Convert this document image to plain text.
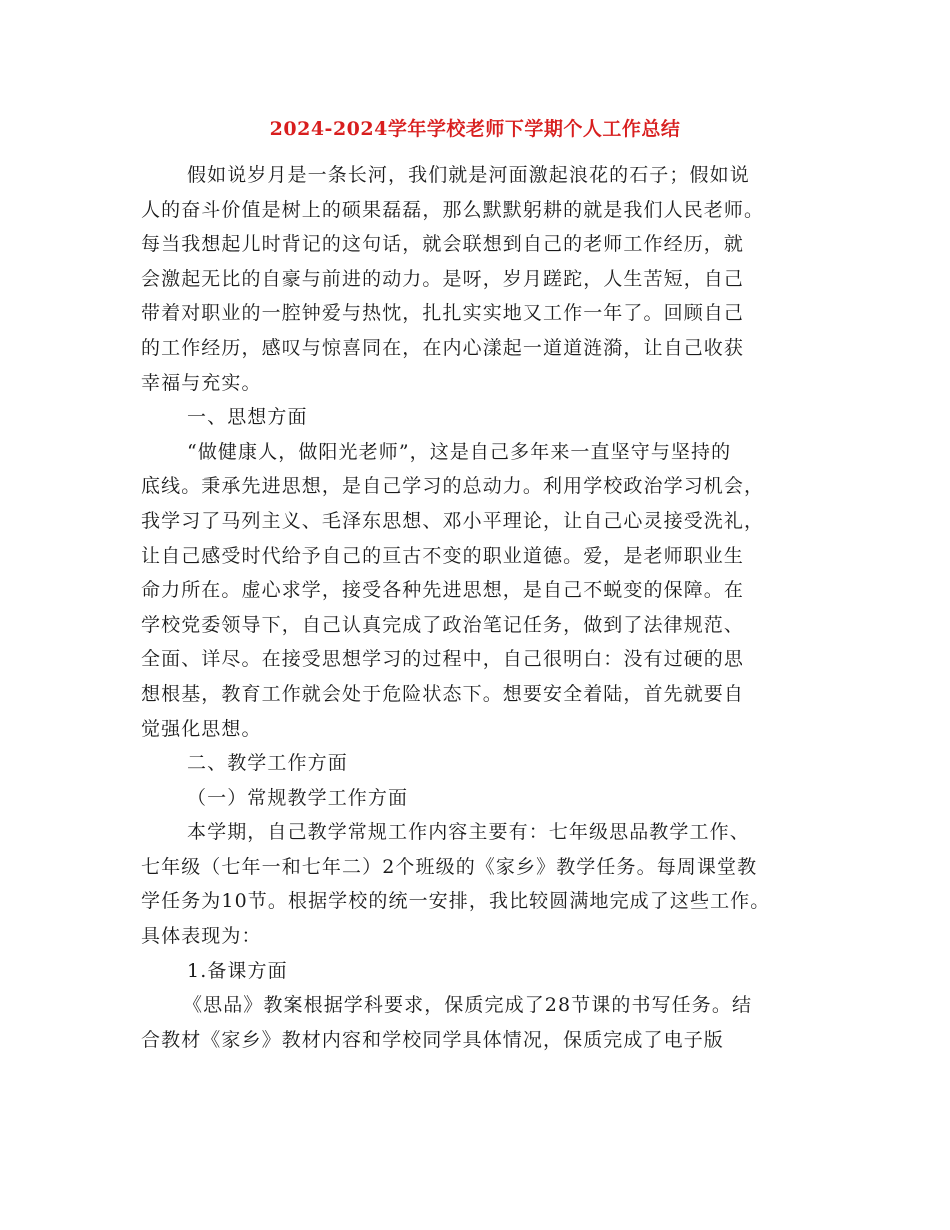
2024-2024学年学校老师下学期个人工作总结
假如说岁月是一条长河，我们就是河面激起浪花的石子；假如说
人的奋斗价值是树上的硕果磊磊，那么默默躬耕的就是我们人民老师。
每当我想起儿时背记的这句话，就会联想到自己的老师工作经历，就
会激起无比的自豪与前进的动力。是呀，岁月蹉跎，人生苦短，自己
带着对职业的一腔钟爱与热忱，扎扎实实地又工作一年了。回顾自己
的工作经历，感叹与惊喜同在，在内心漾起一道道涟漪，让自己收获
幸福与充实。
一、思想方面
“做健康人，做阳光老师”，这是自己多年来一直坚守与坚持的
底线。秉承先进思想，是自己学习的总动力。利用学校政治学习机会，
我学习了马列主义、毛泽东思想、邓小平理论，让自己心灵接受洗礼，
让自己感受时代给予自己的亘古不变的职业道德。爱，是老师职业生
命力所在。虚心求学，接受各种先进思想，是自己不蜕变的保障。在
学校党委领导下，自己认真完成了政治笔记任务，做到了法律规范、
全面、详尽。在接受思想学习的过程中，自己很明白：没有过硬的思
想根基，教育工作就会处于危险状态下。想要安全着陆，首先就要自
觉强化思想。
二、教学工作方面
（一）常规教学工作方面
本学期，自己教学常规工作内容主要有：七年级思品教学工作、
七年级（七年一和七年二）2个班级的《家乡》教学任务。每周课堂教
学任务为10节。根据学校的统一安排，我比较圆满地完成了这些工作。
具体表现为：
1.备课方面
《思品》教案根据学科要求，保质完成了28节课的书写任务。结
合教材《家乡》教材内容和学校同学具体情况，保质完成了电子版
